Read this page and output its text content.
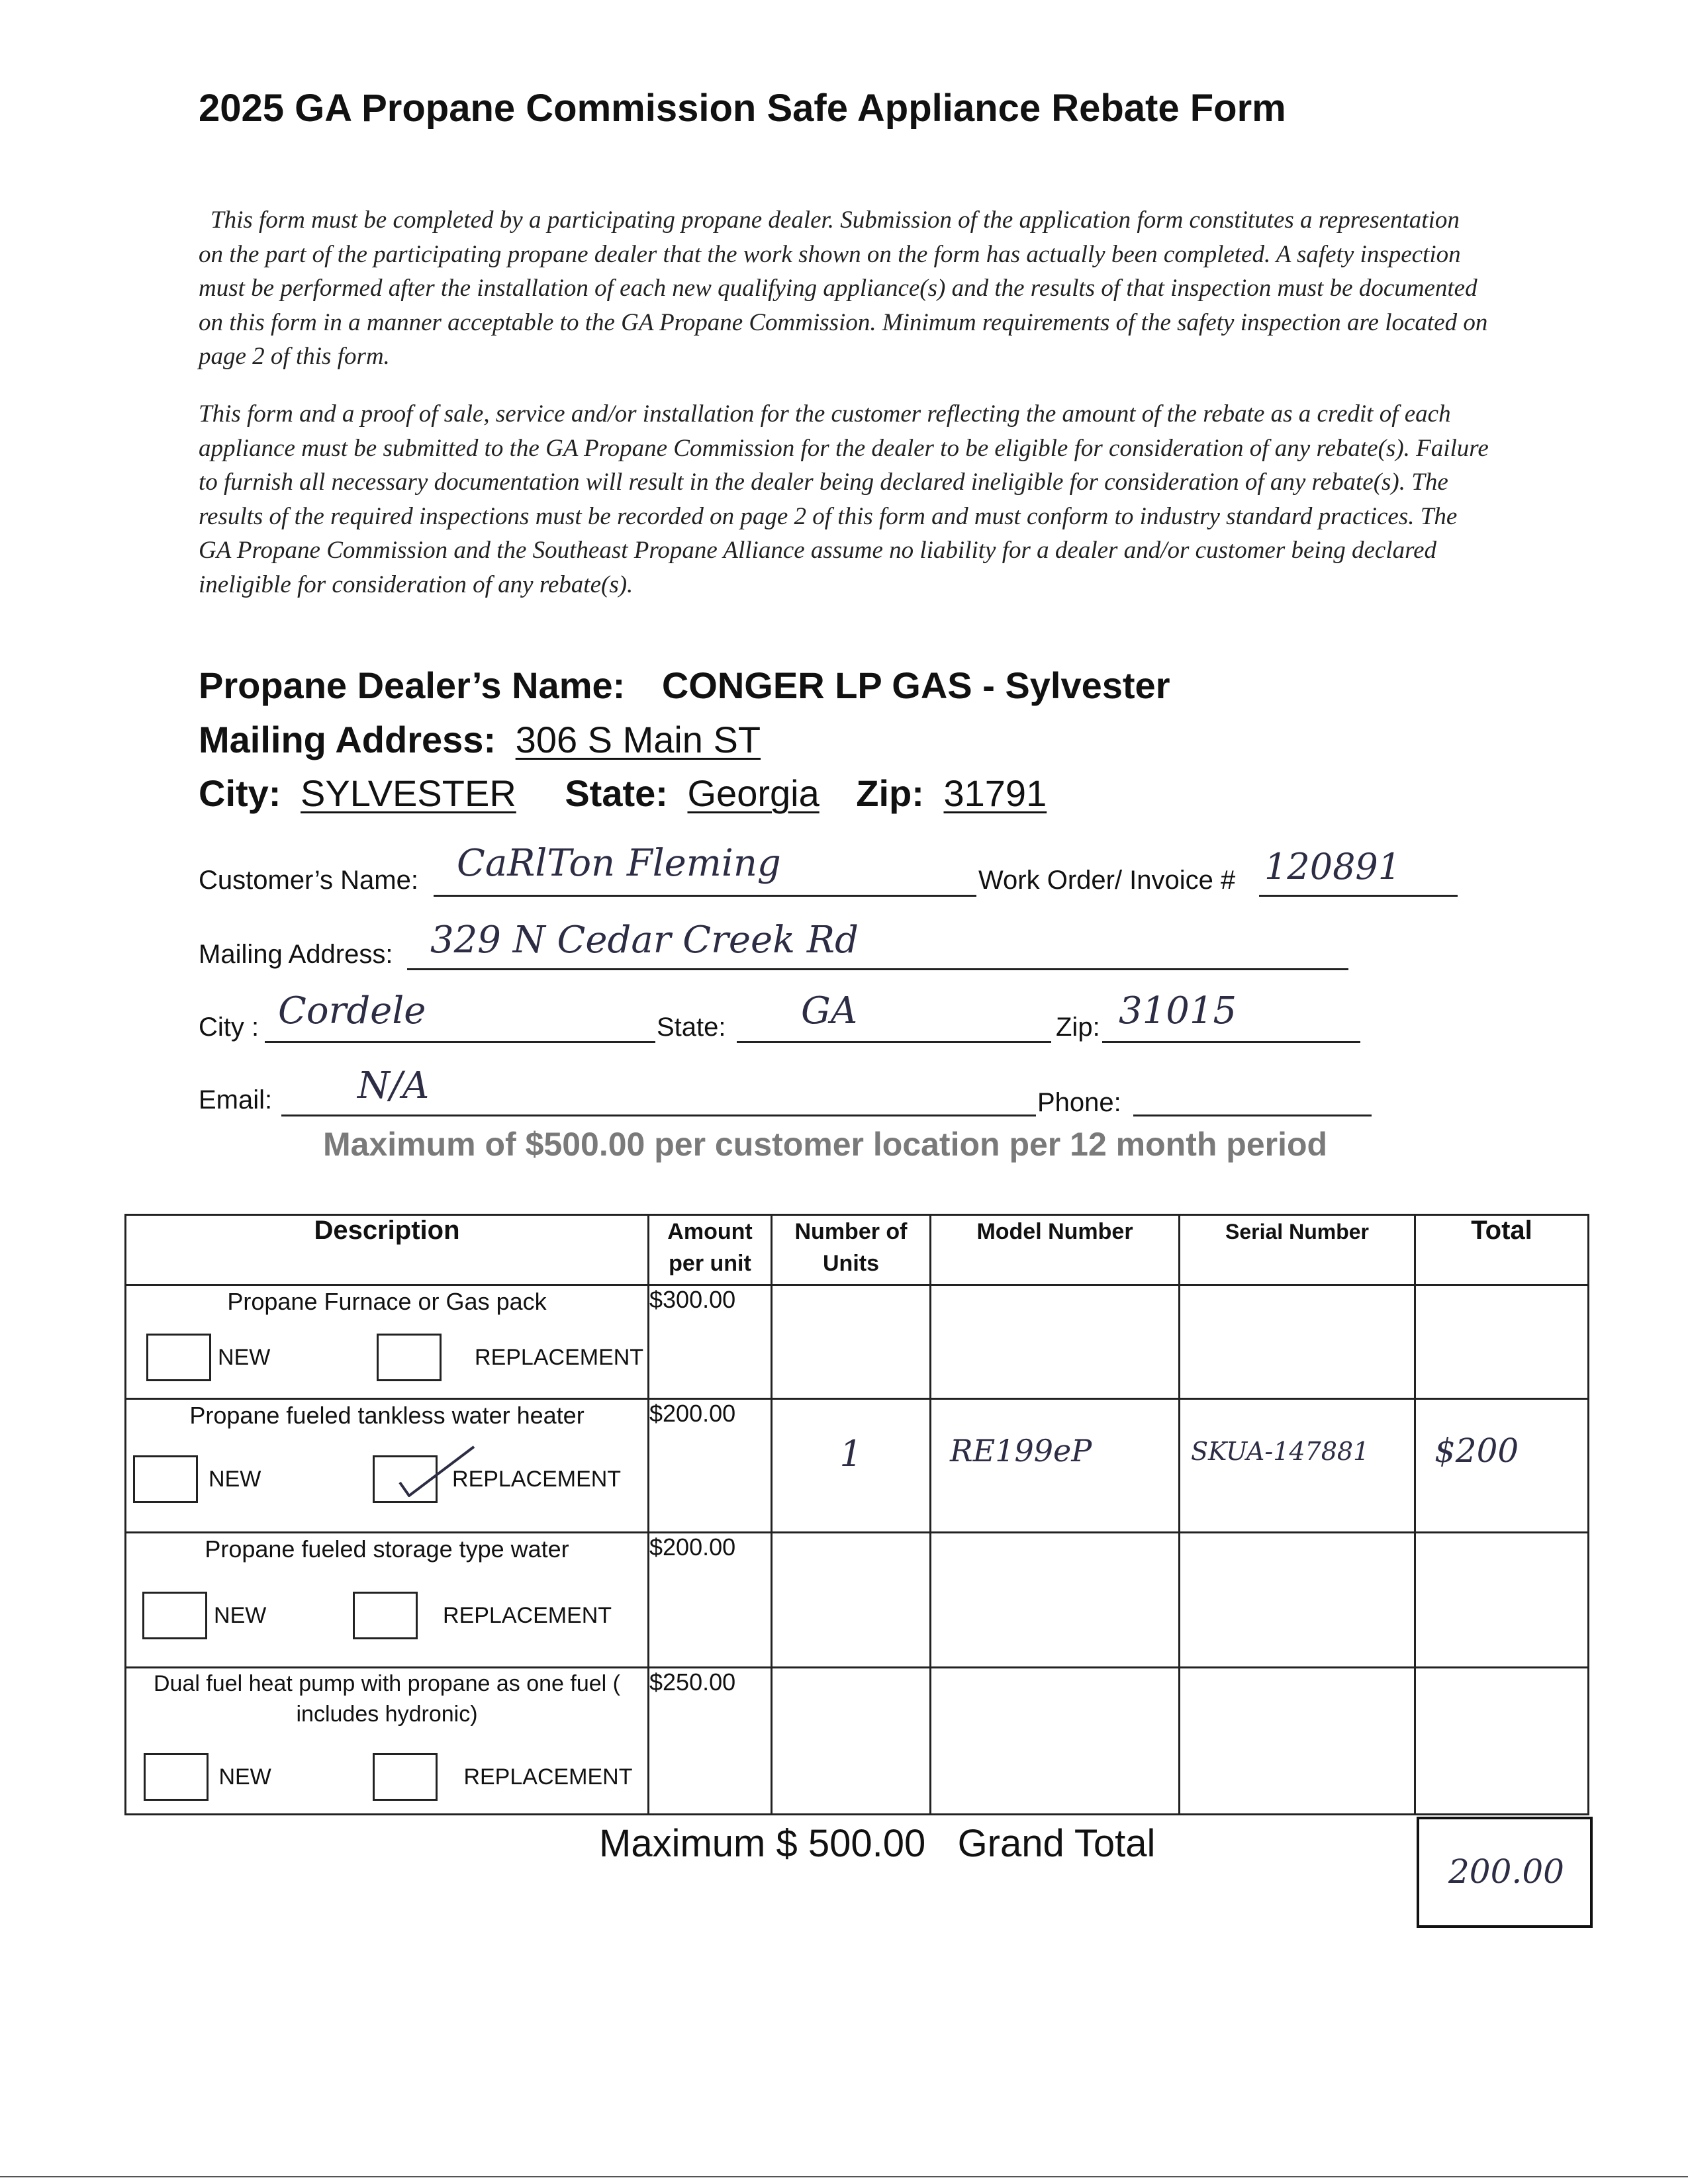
2025 GA Propane Commission Safe Appliance Rebate Form
This form must be completed by a participating propane dealer. Submission of the application form constitutes a representation on the part of the participating propane dealer that the work shown on the form has actually been completed. A safety inspection must be performed after the installation of each new qualifying appliance(s) and the results of that inspection must be documented on this form in a manner acceptable to the GA Propane Commission. Minimum requirements of the safety inspection are located on page 2 of this form.
This form and a proof of sale, service and/or installation for the customer reflecting the amount of the rebate as a credit of each appliance must be submitted to the GA Propane Commission for the dealer to be eligible for consideration of any rebate(s). Failure to furnish all necessary documentation will result in the dealer being declared ineligible for consideration of any rebate(s). The results of the required inspections must be recorded on page 2 of this form and must conform to industry standard practices. The GA Propane Commission and the Southeast Propane Alliance assume no liability for a dealer and/or customer being declared ineligible for consideration of any rebate(s).
Propane Dealer’s Name: CONGER LP GAS - Sylvester
Mailing Address: 306 S Main ST
City: SYLVESTER State: Georgia Zip: 31791
Customer’s Name: CaRlTon Fleming	Work Order/ Invoice # 120891
Mailing Address: 329 N Cedar Creek Rd
City : Cordele	State: GA	Zip: 31015
Email: N/A	Phone:
Maximum of $500.00 per customer location per 12 month period
Description	Amount per unit	Number of Units	Model Number	Serial Number	Total

Propane Furnace or Gas pack
NEW REPLACEMENT	$300.00				

Propane fueled tankless water heater
NEW REPLACEMENT	$200.00	1	RE199eP	SKUA-147881	$200

Propane fueled storage type water
NEW REPLACEMENT	$200.00				

Dual fuel heat pump with propane as one fuel ( includes hydronic)
NEW REPLACEMENT	$250.00				
Maximum $ 500.00   Grand Total
200.00
